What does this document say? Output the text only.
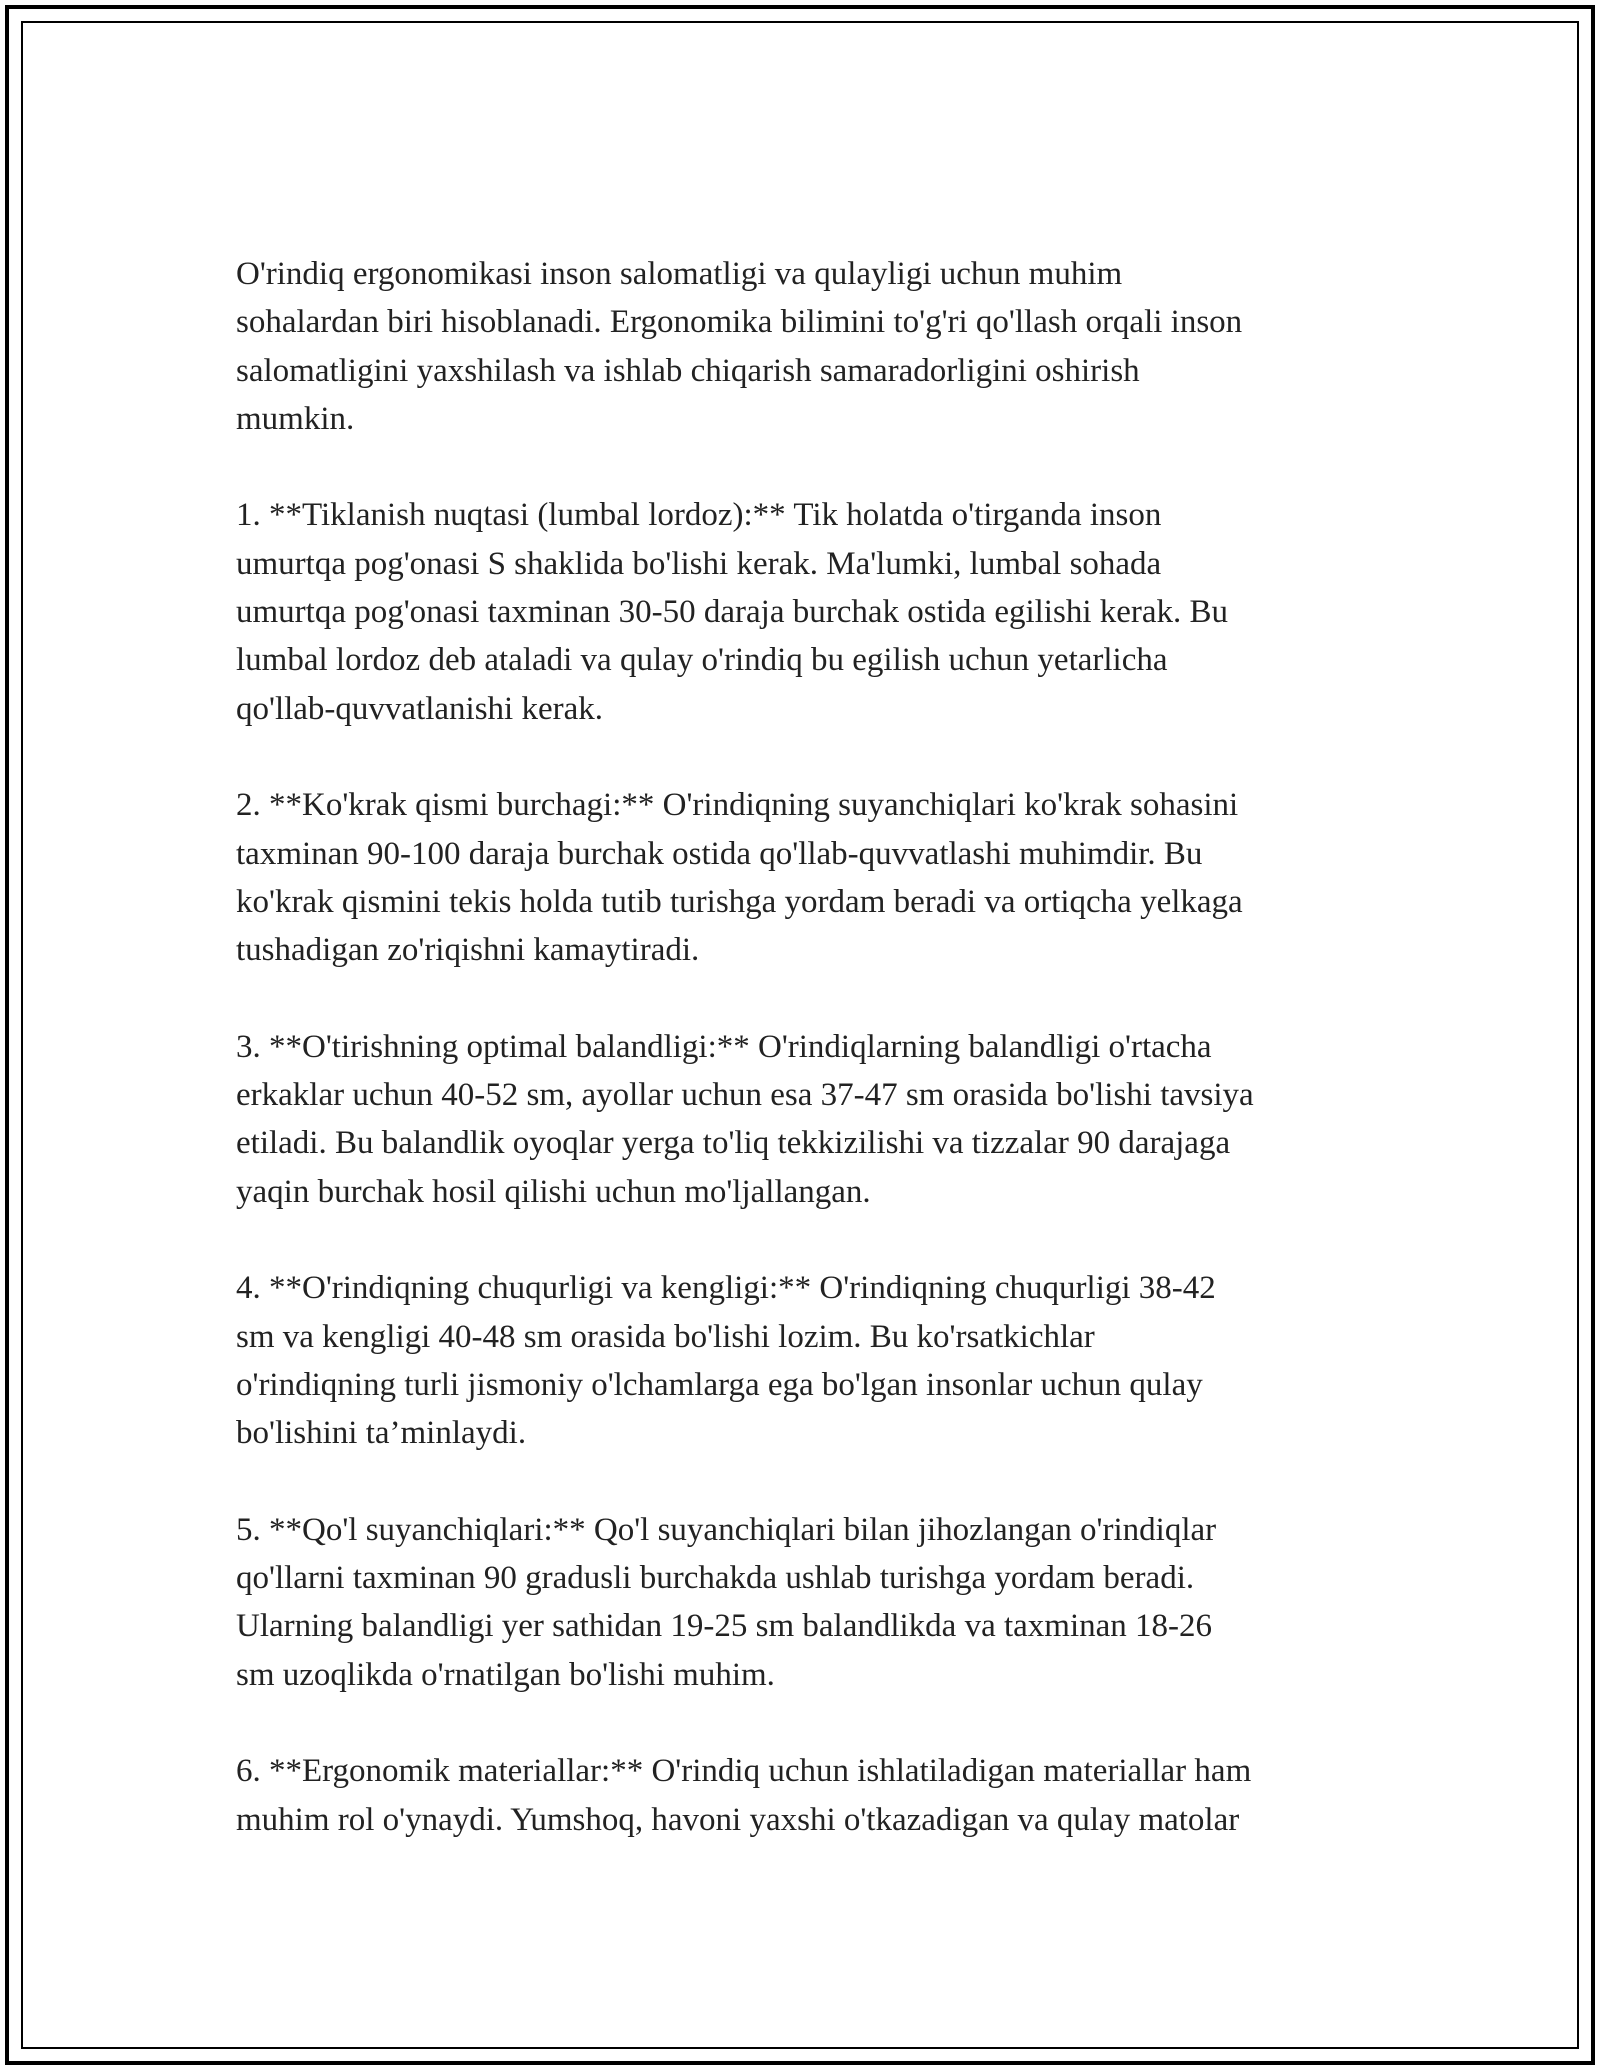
O'rindiq ergonomikasi inson salomatligi va qulayligi uchun muhim
sohalardan biri hisoblanadi. Ergonomika bilimini to'g'ri qo'llash orqali inson
salomatligini yaxshilash va ishlab chiqarish samaradorligini oshirish
mumkin.

1. **Tiklanish nuqtasi (lumbal lordoz):** Tik holatda o'tirganda inson
umurtqa pog'onasi S shaklida bo'lishi kerak. Ma'lumki, lumbal sohada
umurtqa pog'onasi taxminan 30-50 daraja burchak ostida egilishi kerak. Bu
lumbal lordoz deb ataladi va qulay o'rindiq bu egilish uchun yetarlicha
qo'llab-quvvatlanishi kerak.

2. **Ko'krak qismi burchagi:** O'rindiqning suyanchiqlari ko'krak sohasini
taxminan 90-100 daraja burchak ostida qo'llab-quvvatlashi muhimdir. Bu
ko'krak qismini tekis holda tutib turishga yordam beradi va ortiqcha yelkaga
tushadigan zo'riqishni kamaytiradi.

3. **O'tirishning optimal balandligi:** O'rindiqlarning balandligi o'rtacha
erkaklar uchun 40-52 sm, ayollar uchun esa 37-47 sm orasida bo'lishi tavsiya
etiladi. Bu balandlik oyoqlar yerga to'liq tekkizilishi va tizzalar 90 darajaga
yaqin burchak hosil qilishi uchun mo'ljallangan.

4. **O'rindiqning chuqurligi va kengligi:** O'rindiqning chuqurligi 38-42
sm va kengligi 40-48 sm orasida bo'lishi lozim. Bu ko'rsatkichlar
o'rindiqning turli jismoniy o'lchamlarga ega bo'lgan insonlar uchun qulay
bo'lishini ta’minlaydi.

5. **Qo'l suyanchiqlari:** Qo'l suyanchiqlari bilan jihozlangan o'rindiqlar
qo'llarni taxminan 90 gradusli burchakda ushlab turishga yordam beradi.
Ularning balandligi yer sathidan 19-25 sm balandlikda va taxminan 18-26
sm uzoqlikda o'rnatilgan bo'lishi muhim.

6. **Ergonomik materiallar:** O'rindiq uchun ishlatiladigan materiallar ham
muhim rol o'ynaydi. Yumshoq, havoni yaxshi o'tkazadigan va qulay matolar
